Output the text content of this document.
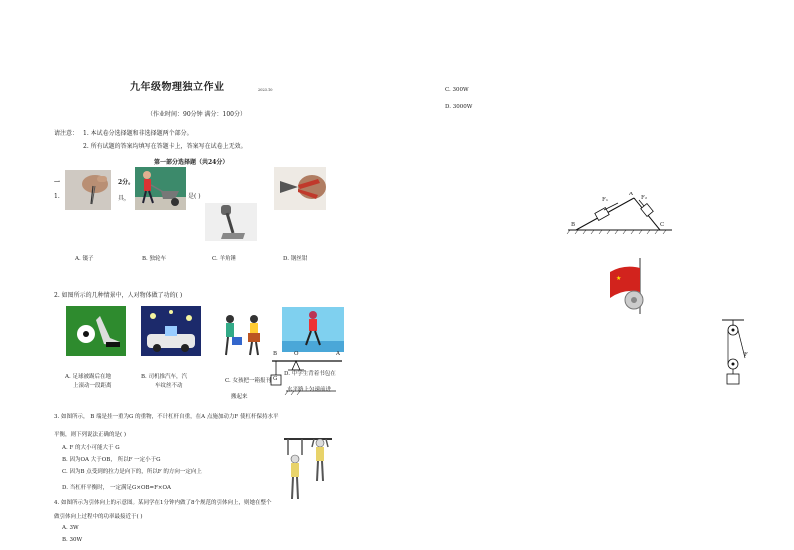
九年级物理独立作业	2023.10
（作业时间：90分钟 满分：100分）
请注意： 1. 本试卷分选择题和非选择题两个部分。
2. 所有试题的答案均填写在答题卡上，答案写在试卷上无效。
第一部分选择题（共24分）
一	2分。
1.	具，	是( )
A. 镊子	B. 独轮车	C. 羊角锤	D. 钢丝钳
2. 如图所示的几种情景中，人对物体做了功的( )
B	O	A
G
A. 足球被踢后在地
上滚动一段距离
B. 司机推汽车，汽
车纹丝不动
C. 女孩把一箱报刊
搬起来
D. 中学生背着书包在
水平路上匀速前进
3. 如图所示， B 端是挂一重为G 的重物，不计杠杆自重，在A 点施加动力F 使杠杆保持水平
平衡，则下列说法正确的是( )
A. F 的大小可能大于 G
B. 因为OA 大于OB， 所以F 一定小于G
C. 因为B 点受到的拉力是向下的，所以F 的方向一定向上
D. 当杠杆平衡时， 一定满足G×OB=F×OA
4. 如图所示为引体向上的示意图。某同学在1分钟内做了8个规范的引体向上，则她在整个
做引体向上过程中的功率最接近于( )
A. 3W
B. 30W
C. 300W
D. 3000W
F₁	F₂
A
B	C
★
F
